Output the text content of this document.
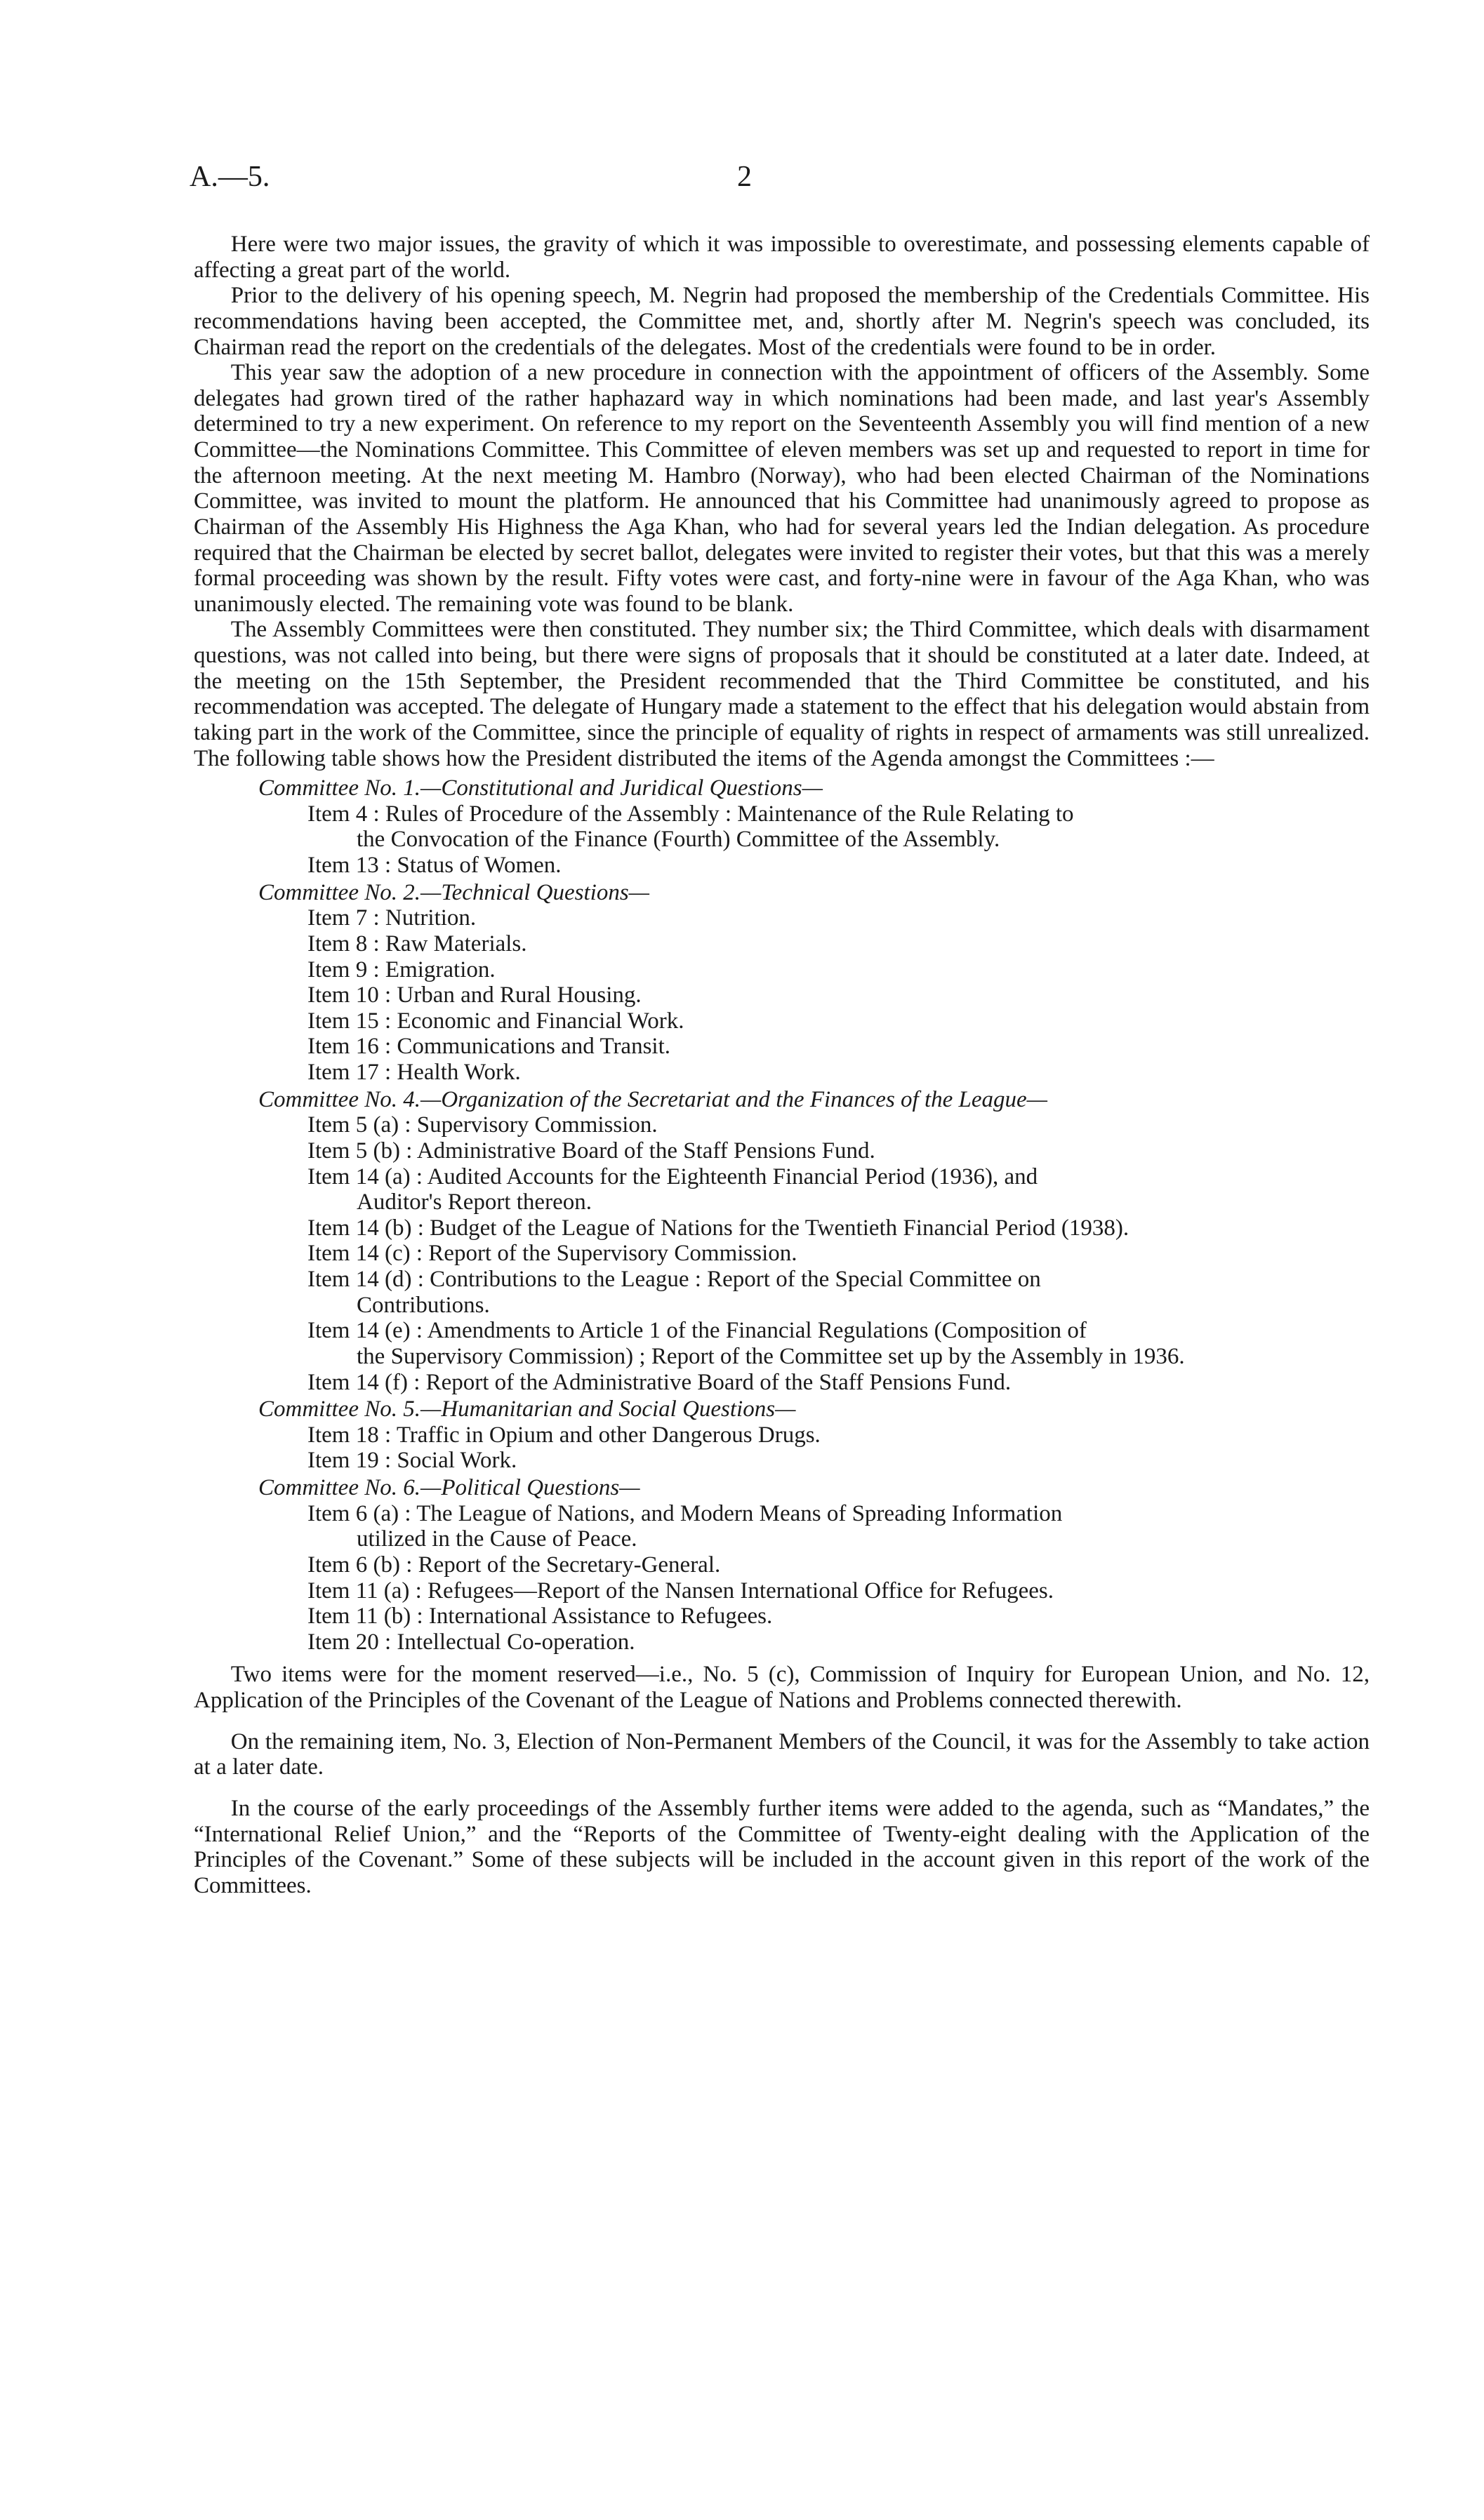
A.—5.	2

Here were two major issues, the gravity of which it was impossible to overestimate, and possessing elements capable of affecting a great part of the world.

Prior to the delivery of his opening speech, M. Negrin had proposed the membership of the Credentials Committee. His recommendations having been accepted, the Committee met, and, shortly after M. Negrin's speech was concluded, its Chairman read the report on the credentials of the delegates. Most of the credentials were found to be in order.

This year saw the adoption of a new procedure in connection with the appointment of officers of the Assembly. Some delegates had grown tired of the rather haphazard way in which nominations had been made, and last year's Assembly determined to try a new experiment. On reference to my report on the Seventeenth Assembly you will find mention of a new Committee—the Nominations Committee. This Committee of eleven members was set up and requested to report in time for the afternoon meeting. At the next meeting M. Hambro (Norway), who had been elected Chairman of the Nominations Committee, was invited to mount the platform. He announced that his Committee had unanimously agreed to propose as Chairman of the Assembly His Highness the Aga Khan, who had for several years led the Indian delegation. As procedure required that the Chairman be elected by secret ballot, delegates were invited to register their votes, but that this was a merely formal proceeding was shown by the result. Fifty votes were cast, and forty-nine were in favour of the Aga Khan, who was unanimously elected. The remaining vote was found to be blank.

The Assembly Committees were then constituted. They number six; the Third Committee, which deals with disarmament questions, was not called into being, but there were signs of proposals that it should be constituted at a later date. Indeed, at the meeting on the 15th September, the President recommended that the Third Committee be constituted, and his recommendation was accepted. The delegate of Hungary made a statement to the effect that his delegation would abstain from taking part in the work of the Committee, since the principle of equality of rights in respect of armaments was still unrealized. The following table shows how the President distributed the items of the Agenda amongst the Committees :—

Committee No. 1.—Constitutional and Juridical Questions—
Item 4 : Rules of Procedure of the Assembly : Maintenance of the Rule Relating to
the Convocation of the Finance (Fourth) Committee of the Assembly.
Item 13 : Status of Women.
Committee No. 2.—Technical Questions—
Item 7 : Nutrition.
Item 8 : Raw Materials.
Item 9 : Emigration.
Item 10 : Urban and Rural Housing.
Item 15 : Economic and Financial Work.
Item 16 : Communications and Transit.
Item 17 : Health Work.
Committee No. 4.—Organization of the Secretariat and the Finances of the League—
Item 5 (a) : Supervisory Commission.
Item 5 (b) : Administrative Board of the Staff Pensions Fund.
Item 14 (a) : Audited Accounts for the Eighteenth Financial Period (1936), and
Auditor's Report thereon.
Item 14 (b) : Budget of the League of Nations for the Twentieth Financial Period (1938).
Item 14 (c) : Report of the Supervisory Commission.
Item 14 (d) : Contributions to the League : Report of the Special Committee on
Contributions.
Item 14 (e) : Amendments to Article 1 of the Financial Regulations (Composition of
the Supervisory Commission) ; Report of the Committee set up by the Assembly in 1936.
Item 14 (f) : Report of the Administrative Board of the Staff Pensions Fund.
Committee No. 5.—Humanitarian and Social Questions—
Item 18 : Traffic in Opium and other Dangerous Drugs.
Item 19 : Social Work.
Committee No. 6.—Political Questions—
Item 6 (a) : The League of Nations, and Modern Means of Spreading Information
utilized in the Cause of Peace.
Item 6 (b) : Report of the Secretary-General.
Item 11 (a) : Refugees—Report of the Nansen International Office for Refugees.
Item 11 (b) : International Assistance to Refugees.
Item 20 : Intellectual Co-operation.

Two items were for the moment reserved—i.e., No. 5 (c), Commission of Inquiry for European Union, and No. 12, Application of the Principles of the Covenant of the League of Nations and Problems connected therewith.

On the remaining item, No. 3, Election of Non-Permanent Members of the Council, it was for the Assembly to take action at a later date.

In the course of the early proceedings of the Assembly further items were added to the agenda, such as “Mandates,” the “International Relief Union,” and the “Reports of the Committee of Twenty-eight dealing with the Application of the Principles of the Covenant.” Some of these subjects will be included in the account given in this report of the work of the Committees.
